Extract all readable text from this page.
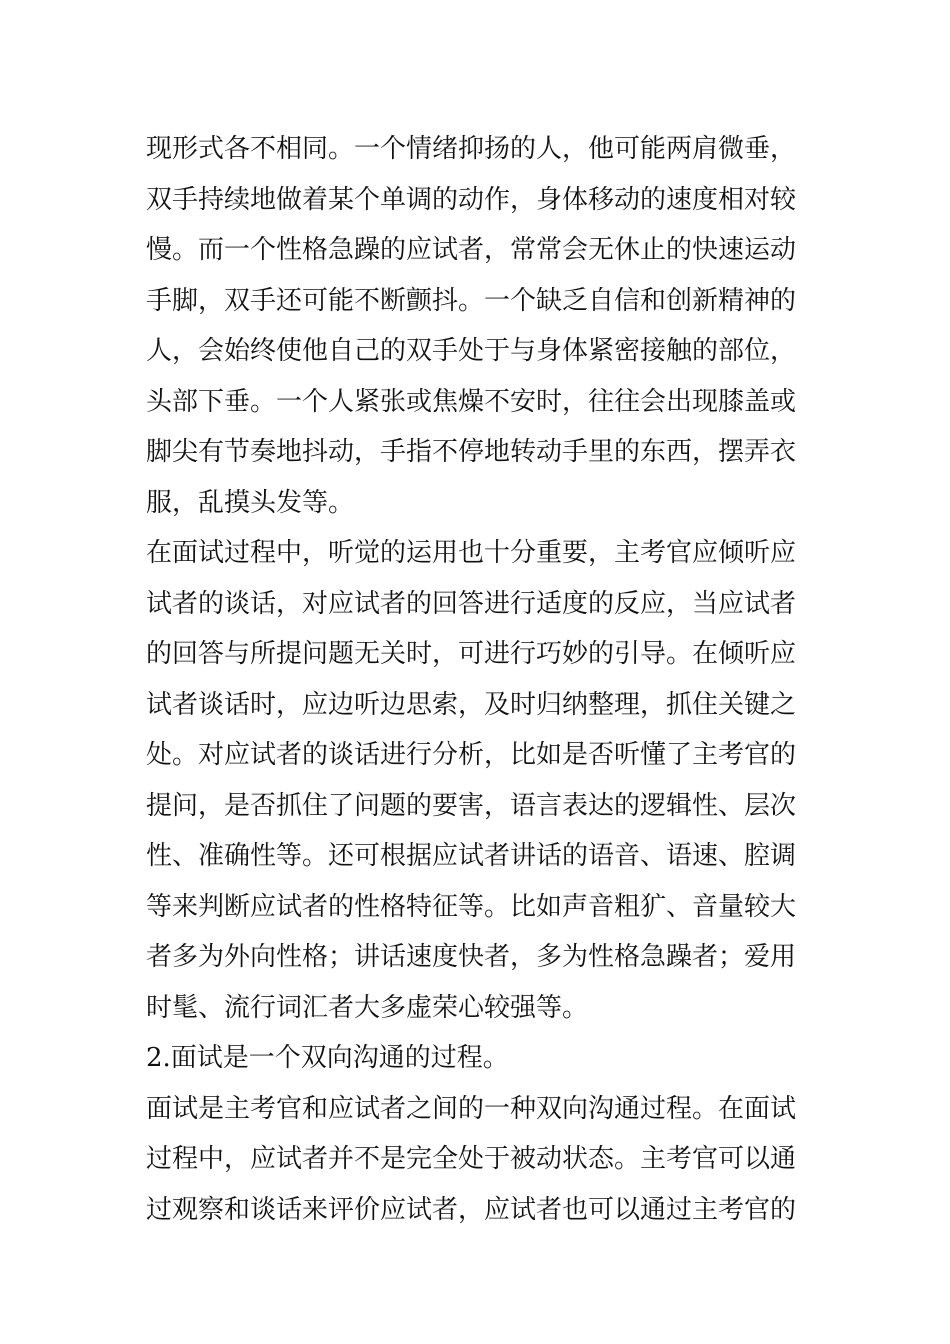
现形式各不相同。一个情绪抑扬的人，他可能两肩微垂，
双手持续地做着某个单调的动作，身体移动的速度相对较
慢。而一个性格急躁的应试者，常常会无休止的快速运动
手脚，双手还可能不断颤抖。一个缺乏自信和创新精神的
人，会始终使他自己的双手处于与身体紧密接触的部位，
头部下垂。一个人紧张或焦燥不安时，往往会出现膝盖或
脚尖有节奏地抖动，手指不停地转动手里的东西，摆弄衣
服，乱摸头发等。
在面试过程中，听觉的运用也十分重要，主考官应倾听应
试者的谈话，对应试者的回答进行适度的反应，当应试者
的回答与所提问题无关时，可进行巧妙的引导。在倾听应
试者谈话时，应边听边思索，及时归纳整理，抓住关键之
处。对应试者的谈话进行分析，比如是否听懂了主考官的
提问，是否抓住了问题的要害，语言表达的逻辑性、层次
性、准确性等。还可根据应试者讲话的语音、语速、腔调
等来判断应试者的性格特征等。比如声音粗犷、音量较大
者多为外向性格；讲话速度快者，多为性格急躁者；爱用
时髦、流行词汇者大多虚荣心较强等。
2.面试是一个双向沟通的过程。
面试是主考官和应试者之间的一种双向沟通过程。在面试
过程中，应试者并不是完全处于被动状态。主考官可以通
过观察和谈话来评价应试者，应试者也可以通过主考官的
